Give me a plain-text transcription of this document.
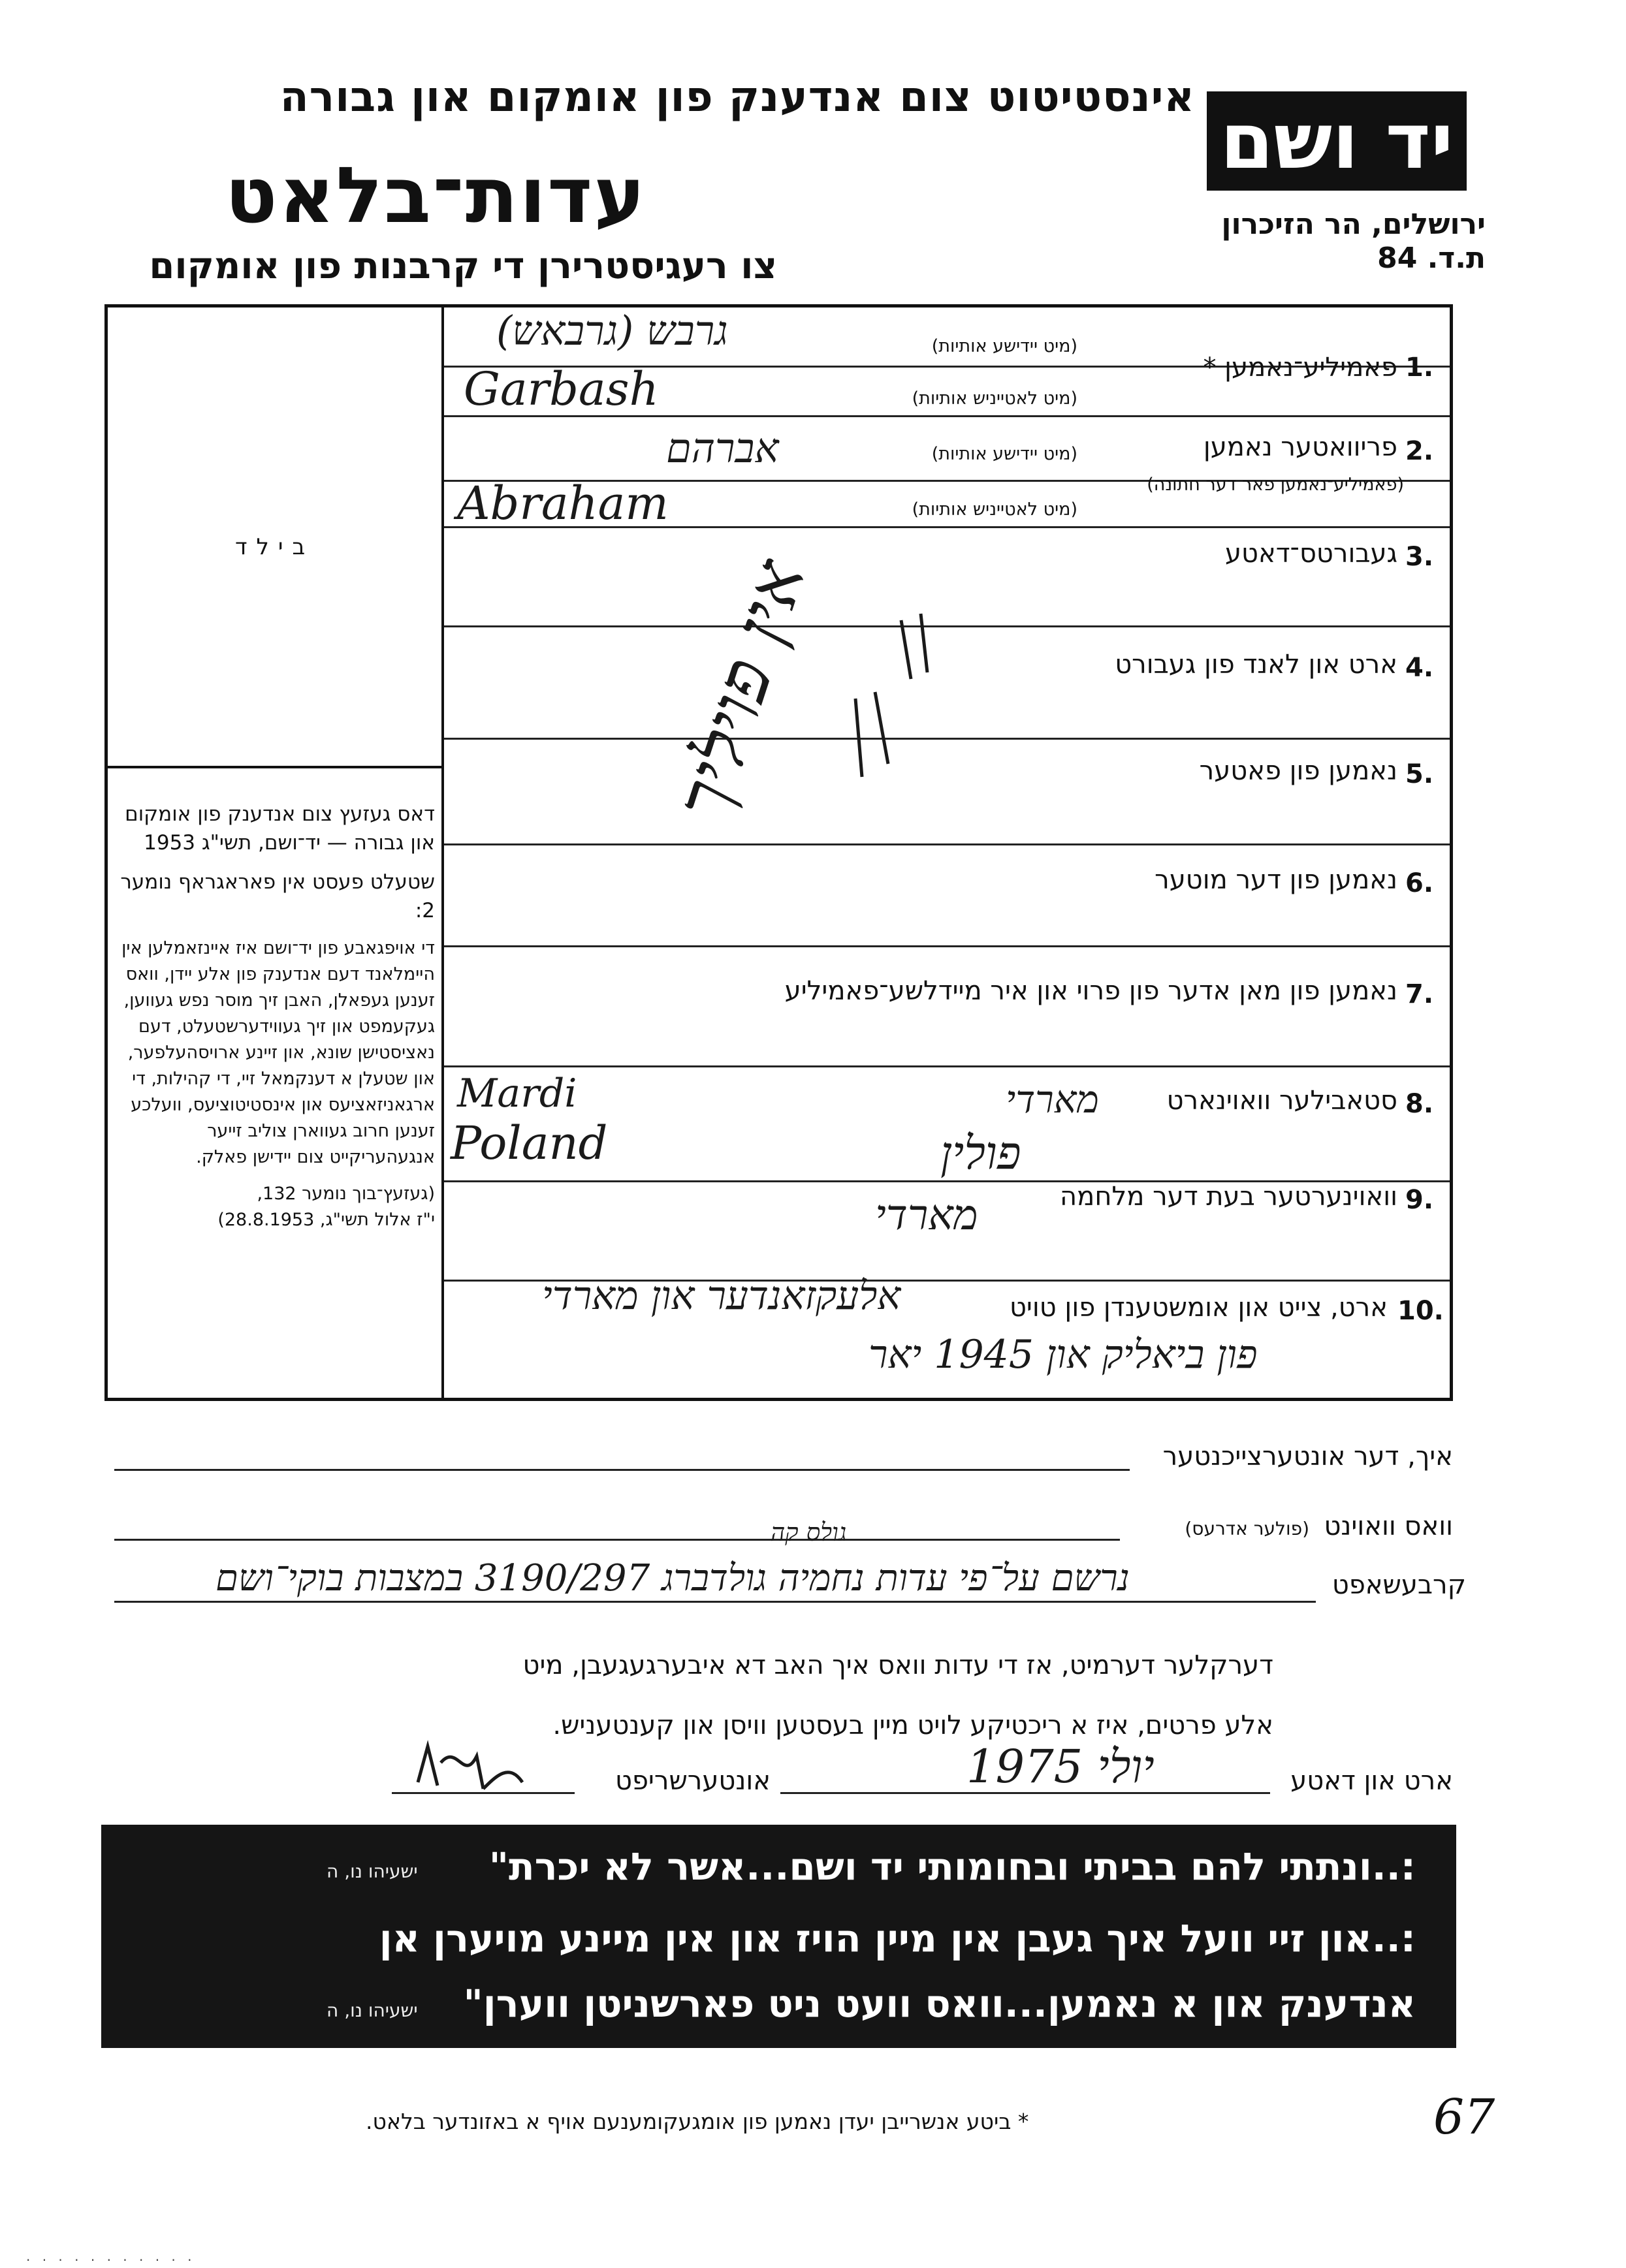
אינסטיטוט צום אנדענק פון אומקום און גבורה
עדות־בלאט
צו רעגיסטרירן די קרבנות פון אומקום
יד ושם
ירושלים, הר הזיכרון
ת.ד. 84
בילד
1.
פאמיליע־נאמען *
(מיט יידישע אותיות)
(מיט לאטייניש אותיות)
גרבש (גרבאש)
Garbash
2.
פריוואטער נאמען
(פאמיליע־נאמען פאר דער חתונה)
(מיט יידישע אותיות)
(מיט לאטייניש אותיות)
אברהם
Abraham
3.
געבורטס־דאטע
4.
ארט און לאנד פון געבורט
5.
נאמען פון פאטער
6.
נאמען פון דער מוטער
7.
נאמען פון מאן אדער פון פרוי און איר מיידלשע־פאמיליע
אין פויליך
8.
סטאבילער וואוינארט
מארדי
Mardi
Poland	פולין
9.
וואוינערטער בעת דער מלחמה
מארדי
10.
ארט, צייט און אומשטענדן פון טויט
אלעקזאנדער און מארדי
פון ביאליק און 1945 יאר

דאס געזעץ צום אנדענק פון אומקום און גבורה — יד־ושם, תשי"ג 1953

שטעלט פעסט אין פאראגראף נומער 2:

די אויפגאבע פון יד־ושם איז איינזאמלען אין היימלאנד דעם אנדענק פון אלע יידן, וואס זענען געפאלן, האבן זיך מוסר נפש געווען, געקעמפט און זיך געווידערשטעלט, דעם נאציסטישן שונא, און זיינע ארויסהעלפער, און שטעלן א דענקמאל זיי, די קהילות, די ארגאניזאציעס און אינסטיטוציעס, וועלכע זענען חרוב געווארן צוליב זייער אנגעהעריקייט צום יידישן פאלק.

(געזעץ־בוך נומער 132,

י"ז אלול תשי"ג, 28.8.1953)

איך, דער אונטערצייכנטער
וואס וואוינט
(פולער אדרעס)
קרבעשאפט
גולס קה
נרשם על־פי עדות נחמיה גולדברג 3190/297 במצבות בוקי־ושם
דערקלער דערמיט, אז די עדות וואס איך האב דא איבערגעגעבן, מיט
אלע פרטים, איז א ריכטיקע לויט מיין בעסטען וויסן און קענטעניש.
ארט און דאטע
יולי 1975
אונטערשריפט
:..ונתתי להם בביתי ובחומותי יד ושם...אשר לא יכרת"
ישעיהו נו, ה
:..און זיי וועל איך געבן אין מיין הויז און אין מיינע מויערן אן
אנדענק און א נאמען...וואס וועט ניט פארשניטן ווערן"
ישעיהו נו, ה
* ביטע אנשרייבן יעדן נאמען פון אומגעקומענעם אויף א באזונדער בלאט.	67
· · · · · · · · · · ·
